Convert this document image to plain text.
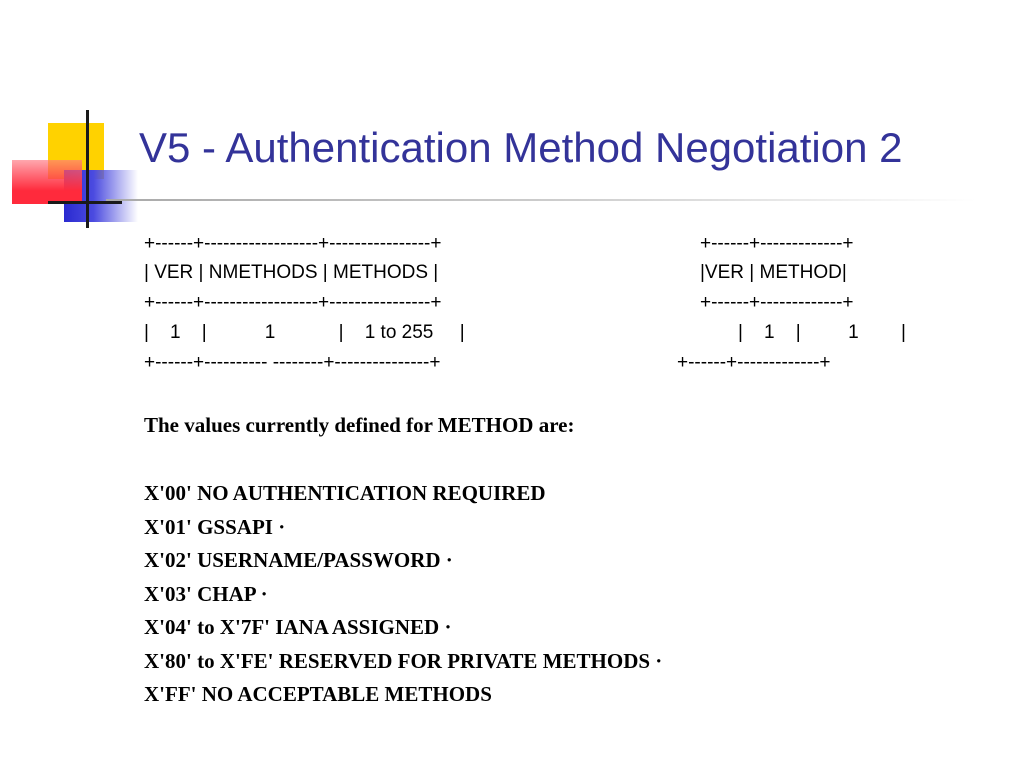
V5 - Authentication Method Negotiation 2
+------+------------------+----------------+
| VER | NMETHODS | METHODS |
+------+------------------+----------------+
|    1    |           1            |    1 to 255     |
+------+---------- --------+---------------+
+------+-------------+
|VER | METHOD|
+------+-------------+
|    1    |         1        |
+------+-------------+
The values currently defined for METHOD are:
X'00' NO AUTHENTICATION REQUIRED
X'01' GSSAPI ·
X'02' USERNAME/PASSWORD ·
X'03' CHAP ·
X'04' to X'7F' IANA ASSIGNED ·
X'80' to X'FE' RESERVED FOR PRIVATE METHODS ·
X'FF' NO ACCEPTABLE METHODS
